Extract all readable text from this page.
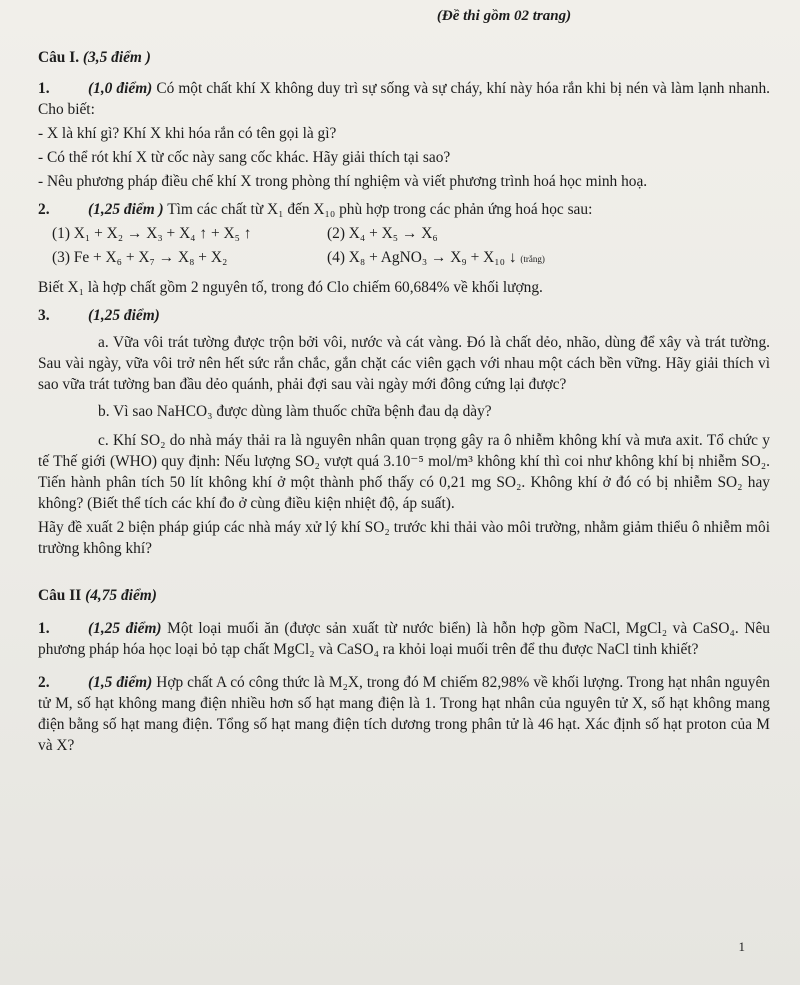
(Đề thi gồm 02 trang)
Câu I. (3,5 điểm )
1. (1,0 điểm) Có một chất khí X không duy trì sự sống và sự cháy, khí này hóa rắn khi bị nén và làm lạnh nhanh. Cho biết:
- X là khí gì? Khí X khi hóa rắn có tên gọi là gì?
- Có thể rót khí X từ cốc này sang cốc khác. Hãy giải thích tại sao?
- Nêu phương pháp điều chế khí X trong phòng thí nghiệm và viết phương trình hoá học minh hoạ.
2. (1,25 điểm ) Tìm các chất từ X₁ đến X₁₀ phù hợp trong các phản ứng hoá học sau:
(1) X₁ + X₂ → X₃ + X₄ ↑ + X₅ ↑	(2) X₄ + X₅ → X₆
(3) Fe + X₆ + X₇ → X₈ + X₂	(4) X₈ + AgNO₃ → X₉ + X₁₀ ↓ (trắng)
Biết X₁ là hợp chất gồm 2 nguyên tố, trong đó Clo chiếm 60,684% về khối lượng.
3. (1,25 điểm)
a. Vữa vôi trát tường được trộn bởi vôi, nước và cát vàng. Đó là chất dẻo, nhão, dùng để xây và trát tường. Sau vài ngày, vữa vôi trở nên hết sức rắn chắc, gắn chặt các viên gạch với nhau một cách bền vững. Hãy giải thích vì sao vữa trát tường ban đầu dẻo quánh, phải đợi sau vài ngày mới đông cứng lại được?
b. Vì sao NaHCO₃ được dùng làm thuốc chữa bệnh đau dạ dày?
c. Khí SO₂ do nhà máy thải ra là nguyên nhân quan trọng gây ra ô nhiễm không khí và mưa axit. Tổ chức y tế Thế giới (WHO) quy định: Nếu lượng SO₂ vượt quá 3.10⁻⁵ mol/m³ không khí thì coi như không khí bị nhiễm SO₂. Tiến hành phân tích 50 lít không khí ở một thành phố thấy có 0,21 mg SO₂. Không khí ở đó có bị nhiễm SO₂ hay không? (Biết thể tích các khí đo ở cùng điều kiện nhiệt độ, áp suất).
Hãy đề xuất 2 biện pháp giúp các nhà máy xử lý khí SO₂ trước khi thải vào môi trường, nhằm giảm thiểu ô nhiễm môi trường không khí?
Câu II (4,75 điểm)
1. (1,25 điểm) Một loại muối ăn (được sản xuất từ nước biển) là hỗn hợp gồm NaCl, MgCl₂ và CaSO₄. Nêu phương pháp hóa học loại bỏ tạp chất MgCl₂ và CaSO₄ ra khỏi loại muối trên để thu được NaCl tinh khiết?
2. (1,5 điểm) Hợp chất A có công thức là M₂X, trong đó M chiếm 82,98% về khối lượng. Trong hạt nhân nguyên tử M, số hạt không mang điện nhiều hơn số hạt mang điện là 1. Trong hạt nhân của nguyên tử X, số hạt không mang điện bằng số hạt mang điện. Tổng số hạt mang điện tích dương trong phân tử là 46 hạt. Xác định số hạt proton của M và X?
1
